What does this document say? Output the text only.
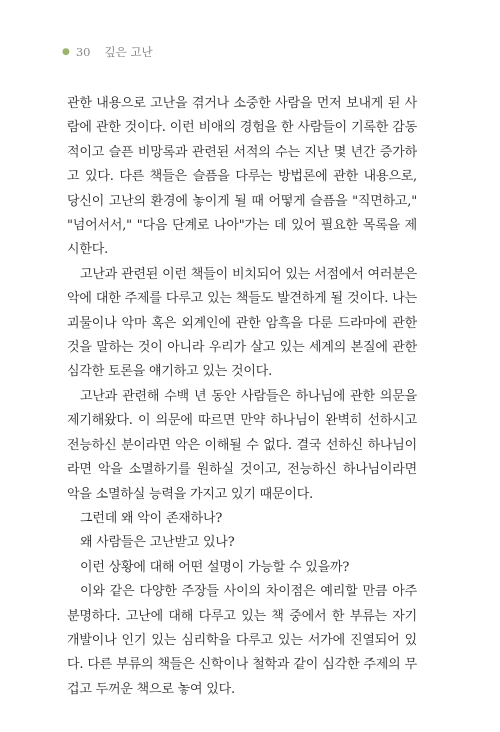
● 30 깊은 고난

관한 내용으로 고난을 겪거나 소중한 사람을 먼저 보내게 된 사람에 관한 것이다. 이런 비애의 경험을 한 사람들이 기록한 감동적이고 슬픈 비망록과 관련된 서적의 수는 지난 몇 년간 증가하고 있다. 다른 책들은 슬픔을 다루는 방법론에 관한 내용으로, 당신이 고난의 환경에 놓이게 될 때 어떻게 슬픔을 "직면하고," "넘어서서," "다음 단계로 나아"가는 데 있어 필요한 목록을 제시한다.

고난과 관련된 이런 책들이 비치되어 있는 서점에서 여러분은 악에 대한 주제를 다루고 있는 책들도 발견하게 될 것이다. 나는 괴물이나 악마 혹은 외계인에 관한 암흑을 다룬 드라마에 관한 것을 말하는 것이 아니라 우리가 살고 있는 세계의 본질에 관한 심각한 토론을 얘기하고 있는 것이다.

고난과 관련해 수백 년 동안 사람들은 하나님에 관한 의문을 제기해왔다. 이 의문에 따르면 만약 하나님이 완벽히 선하시고 전능하신 분이라면 악은 이해될 수 없다. 결국 선하신 하나님이라면 악을 소멸하기를 원하실 것이고, 전능하신 하나님이라면 악을 소멸하실 능력을 가지고 있기 때문이다.

그런데 왜 악이 존재하나?

왜 사람들은 고난받고 있나?

이런 상황에 대해 어떤 설명이 가능할 수 있을까?

이와 같은 다양한 주장들 사이의 차이점은 예리할 만큼 아주 분명하다. 고난에 대해 다루고 있는 책 중에서 한 부류는 자기 개발이나 인기 있는 심리학을 다루고 있는 서가에 진열되어 있다. 다른 부류의 책들은 신학이나 철학과 같이 심각한 주제의 무겁고 두꺼운 책으로 놓여 있다.
